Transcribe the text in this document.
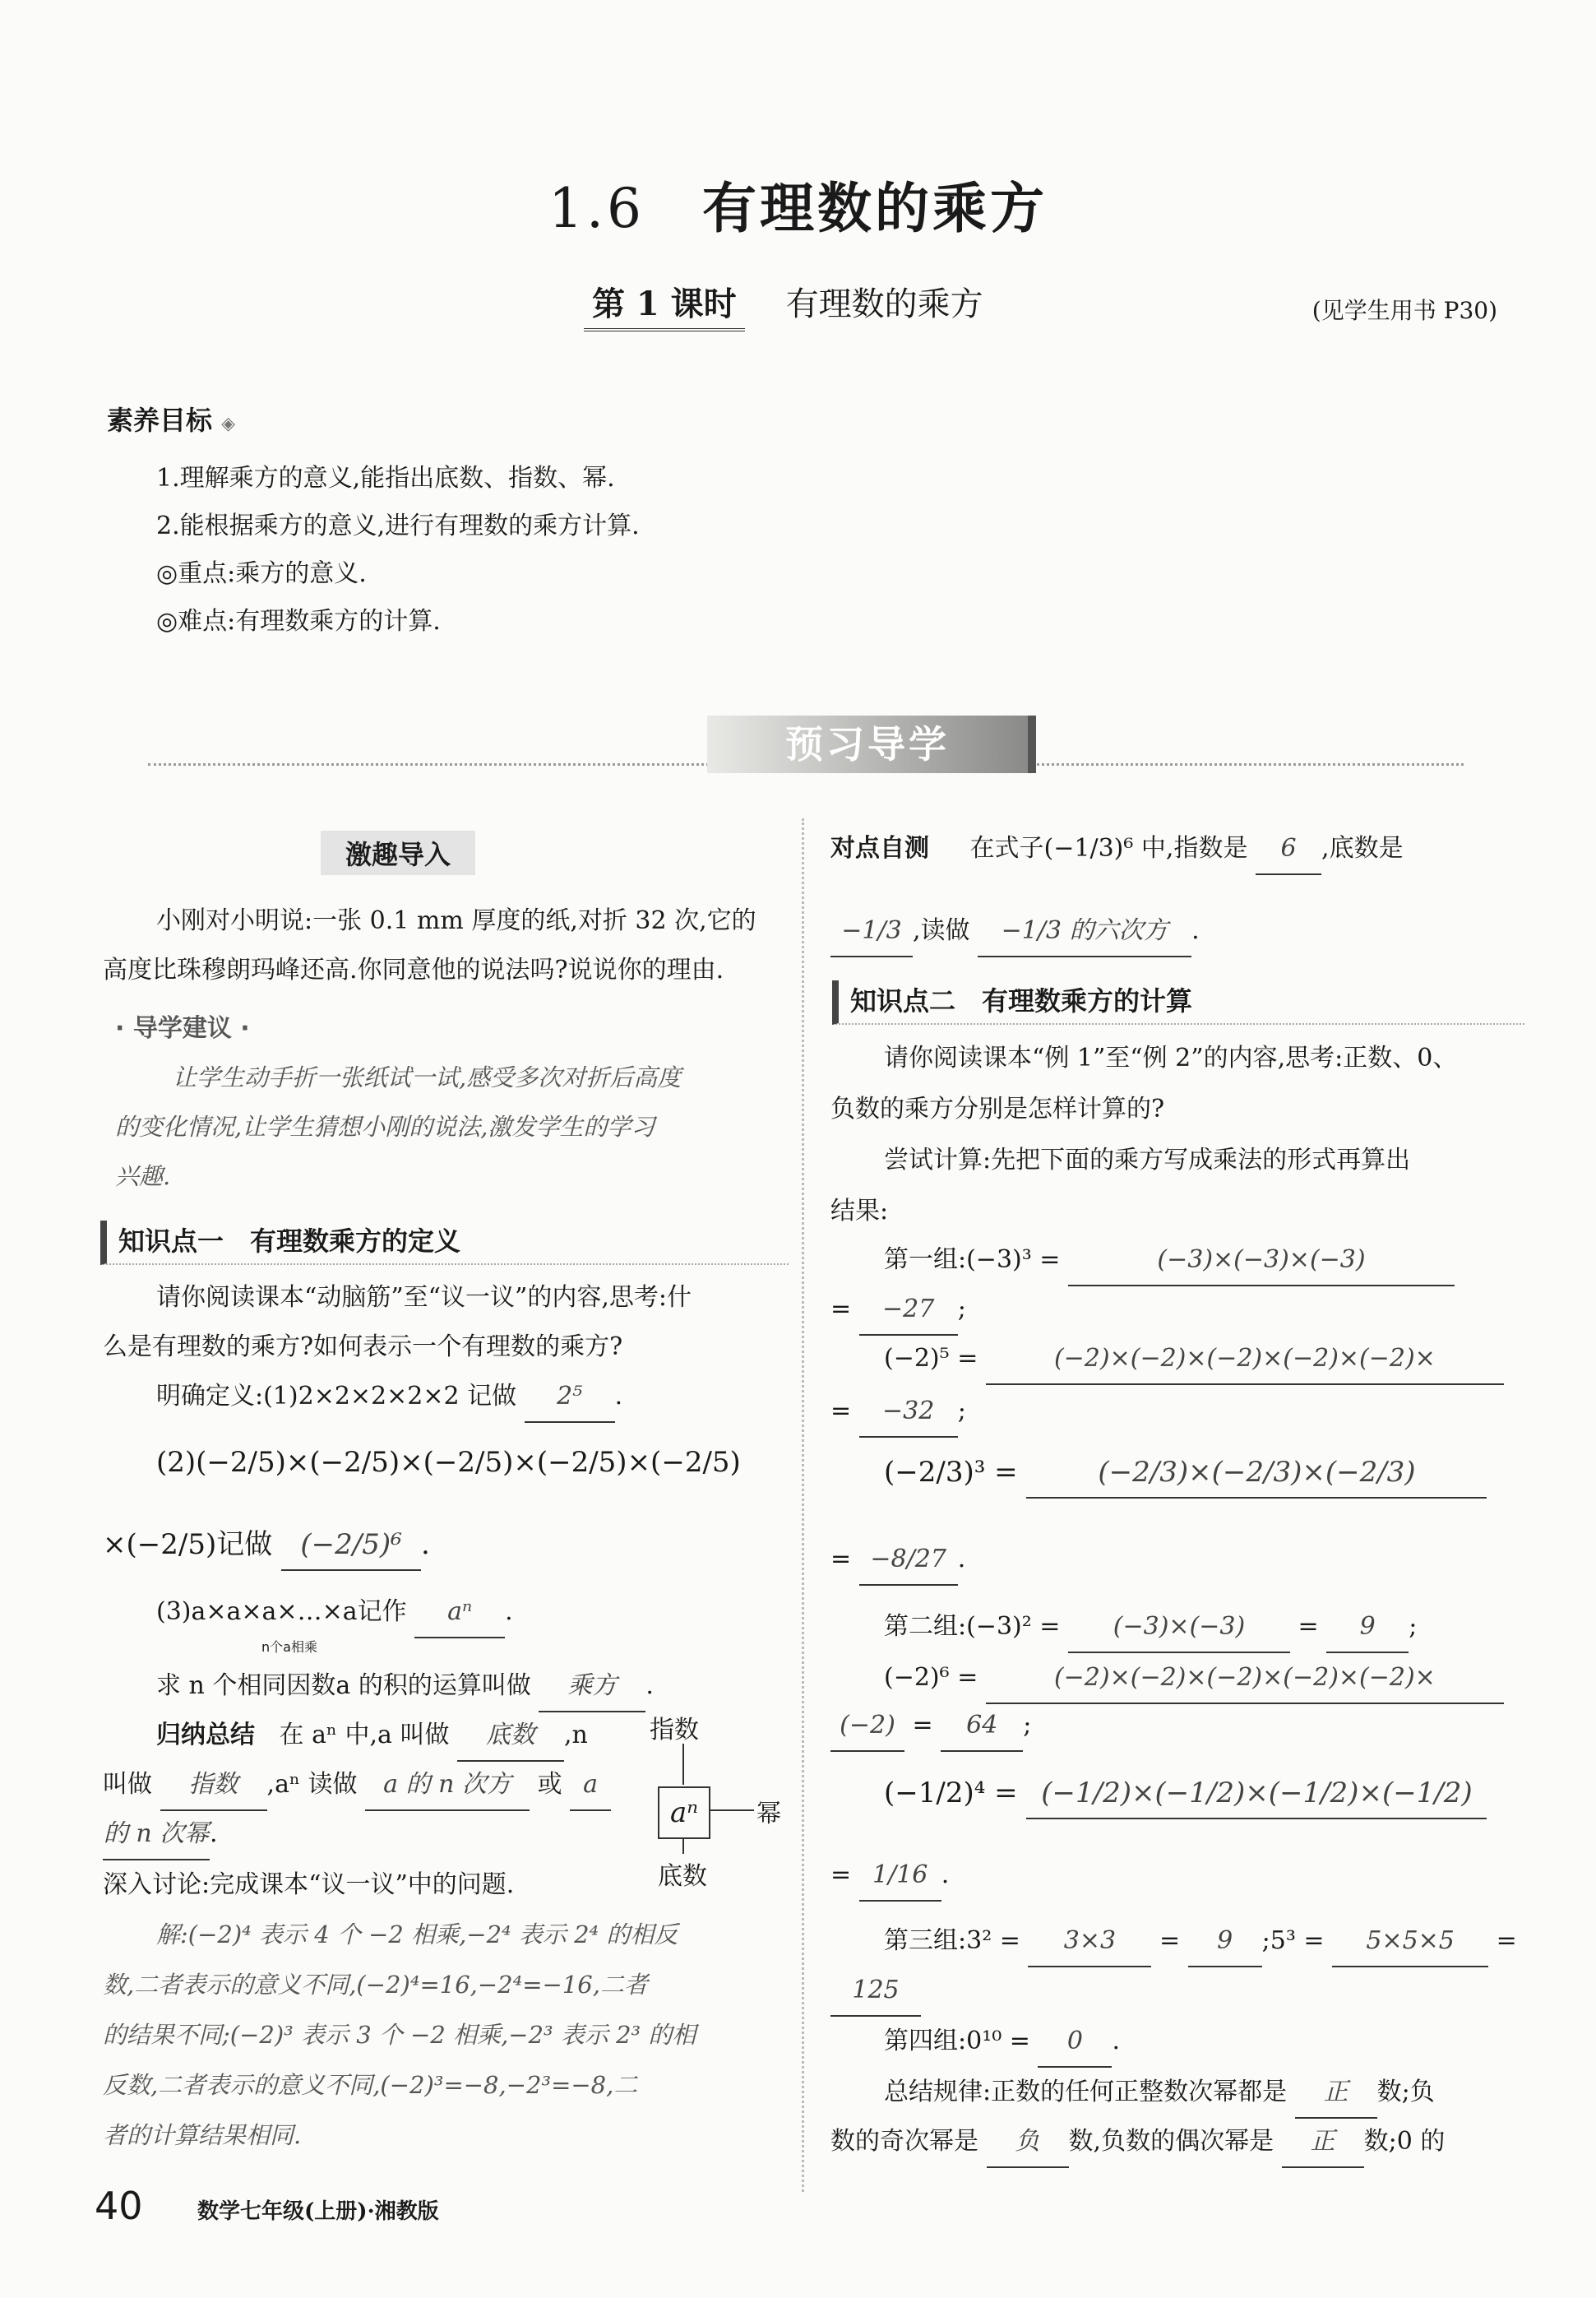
1.6 有理数的乘方
第 1 课时 有理数的乘方	(见学生用书 P30)
素养目标 ◈
1.理解乘方的意义,能指出底数、指数、幂.
2.能根据乘方的意义,进行有理数的乘方计算.
◎重点:乘方的意义.
◎难点:有理数乘方的计算.
预习导学
激趣导入
小刚对小明说:一张 0.1 mm 厚度的纸,对折 32 次,它的
高度比珠穆朗玛峰还高.你同意他的说法吗?说说你的理由.
· 导学建议 ·
让学生动手折一张纸试一试,感受多次对折后高度
的变化情况,让学生猜想小刚的说法,激发学生的学习
兴趣.
知识点一　有理数乘方的定义
请你阅读课本“动脑筋”至“议一议”的内容,思考:什
么是有理数的乘方?如何表示一个有理数的乘方?
明确定义:(1)2×2×2×2×2 记做 2⁵ .
(2)(−2/5)×(−2/5)×(−2/5)×(−2/5)×(−2/5)
×(−2/5)记做 (−2/5)⁶ .
(3)a×a×a×…×a记作 aⁿ .
n个a相乘
求 n 个相同因数a 的积的运算叫做 乘方 .
归纳总结 在 aⁿ 中,a 叫做 底数 ,n
叫做 指数 ,aⁿ 读做 a 的 n 次方 或 a
的 n 次幂.
指数
aⁿ	幂
底数
深入讨论:完成课本“议一议”中的问题.
解:(−2)⁴ 表示 4 个 −2 相乘,−2⁴ 表示 2⁴ 的相反
数,二者表示的意义不同,(−2)⁴=16,−2⁴=−16,二者
的结果不同;(−2)³ 表示 3 个 −2 相乘,−2³ 表示 2³ 的相
反数,二者表示的意义不同,(−2)³=−8,−2³=−8,二
者的计算结果相同.
对点自测 在式子(−1/3)⁶ 中,指数是 6 ,底数是
−1/3 ,读做 −1/3 的六次方 .
知识点二　有理数乘方的计算
请你阅读课本“例 1”至“例 2”的内容,思考:正数、0、
负数的乘方分别是怎样计算的?
尝试计算:先把下面的乘方写成乘法的形式再算出
结果:
第一组:(−3)³ =	(−3)×(−3)×(−3)
= −27 ;
(−2)⁵ =	(−2)×(−2)×(−2)×(−2)×(−2)×
= −32 ;
(−2/3)³ =	(−2/3)×(−2/3)×(−2/3)
= −8/27 .
第二组:(−3)² = (−3)×(−3) = 9 ;
(−2)⁶ =	(−2)×(−2)×(−2)×(−2)×(−2)×
(−2) = 64 ;
(−1/2)⁴ = (−1/2)×(−1/2)×(−1/2)×(−1/2)
= 1/16 .
第三组:3² = 3×3 = 9 ;5³ = 5×5×5 =
125
第四组:0¹⁰ = 0 .
总结规律:正数的任何正整数次幂都是 正 数;负
数的奇次幂是 负 数,负数的偶次幂是 正 数;0 的
40	数学七年级(上册)·湘教版
